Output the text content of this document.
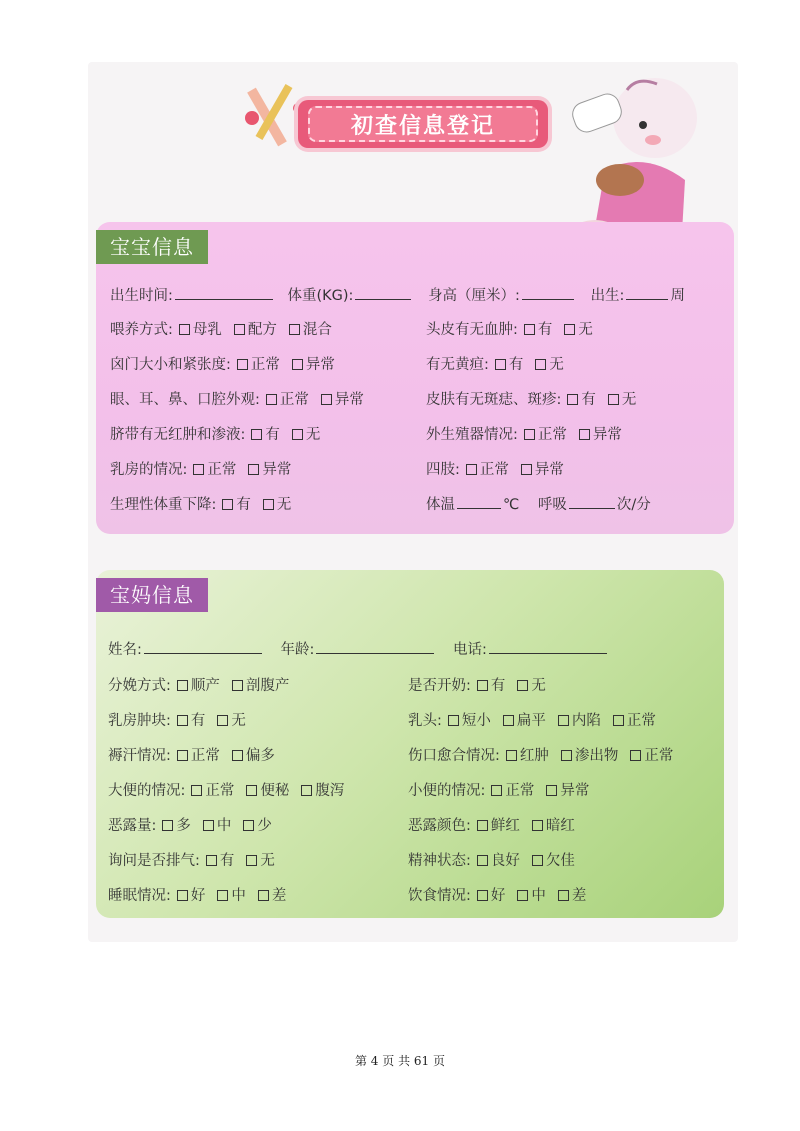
初查信息登记
宝宝信息
出生时间:	体重(KG):	身高（厘米）:	出生:	周
喂养方式: 母乳 配方 混合	头皮有无血肿: 有 无
囟门大小和紧张度: 正常 异常	有无黄疸: 有 无
眼、耳、鼻、口腔外观: 正常 异常	皮肤有无斑痣、斑疹: 有 无
脐带有无红肿和渗液: 有 无	外生殖器情况: 正常 异常
乳房的情况: 正常 异常	四肢: 正常 异常
生理性体重下降: 有 无	体温	℃ 呼吸	次/分
宝妈信息
姓名:	年龄:	电话:
分娩方式: 顺产 剖腹产	是否开奶: 有 无
乳房肿块: 有 无	乳头: 短小 扁平 内陷 正常
褥汗情况: 正常 偏多	伤口愈合情况: 红肿 渗出物 正常
大便的情况: 正常 便秘 腹泻	小便的情况: 正常 异常
恶露量: 多 中 少	恶露颜色: 鲜红 暗红
询问是否排气: 有 无	精神状态: 良好 欠佳
睡眠情况: 好 中 差	饮食情况: 好 中 差
第 4 页 共 61 页
